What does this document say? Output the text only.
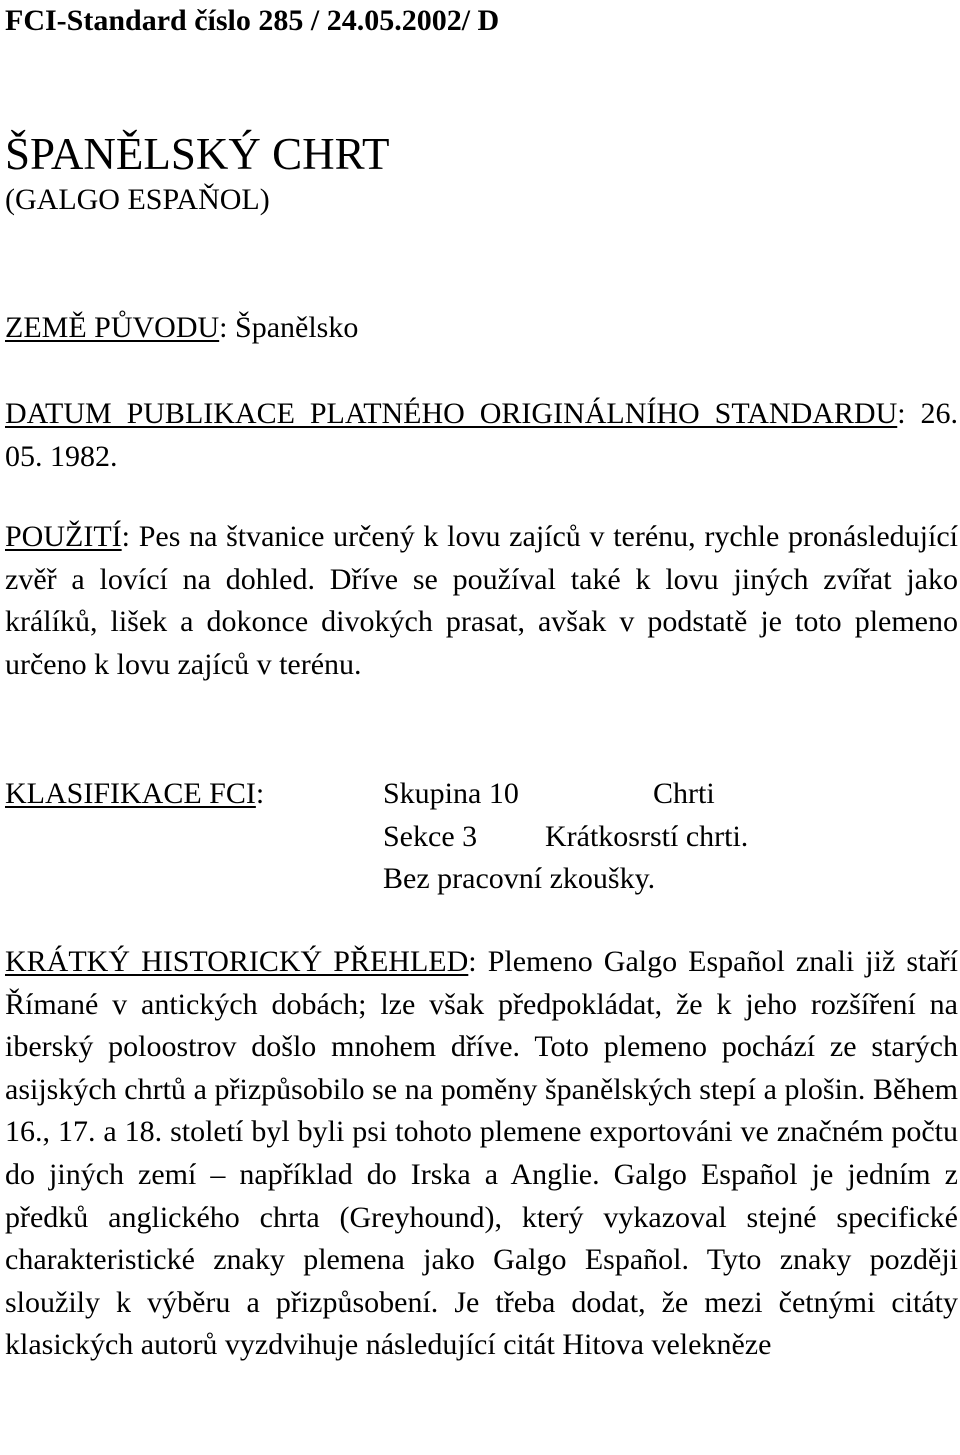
FCI-Standard číslo 285 / 24.05.2002/ D
ŠPANĚLSKÝ CHRT
(GALGO ESPAŇOL)
ZEMĚ PŮVODU: Španělsko
DATUM PUBLIKACE PLATNÉHO ORIGINÁLNÍHO STANDARDU: 26. 05. 1982.
POUŽITÍ: Pes na štvanice určený k lovu zajíců v terénu, rychle pronásledující zvěř a lovící na dohled. Dříve se používal také k lovu jiných zvířat jako králíků, lišek a dokonce divokých prasat, avšak v podstatě je toto plemeno určeno k lovu zajíců v terénu.
KLASIFIKACE FCI:	Skupina 10	Chrti
Sekce 3 Krátkosrstí chrti.
Bez pracovní zkoušky.
KRÁTKÝ HISTORICKÝ PŘEHLED: Plemeno Galgo Español znali již staří Římané v antických dobách; lze však předpokládat, že k jeho rozšíření na iberský poloostrov došlo mnohem dříve. Toto plemeno pochází ze starých asijských chrtů a přizpůsobilo se na poměny španělských stepí a plošin. Během 16., 17. a 18. století byl byli psi tohoto plemene exportováni ve značném počtu do jiných zemí – například do Irska a Anglie. Galgo Español je jedním z předků anglického chrta (Greyhound), který vykazoval stejné specifické charakteristické znaky plemena jako Galgo Español. Tyto znaky později sloužily k výběru a přizpůsobení. Je třeba dodat, že mezi četnými citáty klasických autorů vyzdvihuje následující citát Hitova velekněze
